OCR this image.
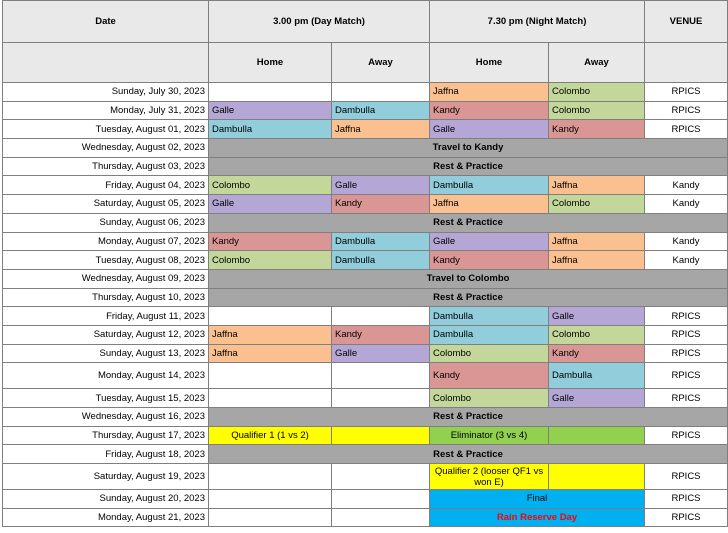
Date	3.00 pm (Day Match)		7.30 pm (Night Match)		VENUE
	Home	Away	Home	Away	
Sunday, July 30, 2023			Jaffna	Colombo	RPICS
Monday, July 31, 2023	Galle	Dambulla	Kandy	Colombo	RPICS
Tuesday, August 01, 2023	Dambulla	Jaffna	Galle	Kandy	RPICS
Wednesday, August 02, 2023	Travel to Kandy				
Thursday, August 03, 2023	Rest & Practice				
Friday, August 04, 2023	Colombo	Galle	Dambulla	Jaffna	Kandy
Saturday, August 05, 2023	Galle	Kandy	Jaffna	Colombo	Kandy
Sunday, August 06, 2023	Rest & Practice				
Monday, August 07, 2023	Kandy	Dambulla	Galle	Jaffna	Kandy
Tuesday, August 08, 2023	Colombo	Dambulla	Kandy	Jaffna	Kandy
Wednesday, August 09, 2023	Travel to Colombo				
Thursday, August 10, 2023	Rest & Practice				
Friday, August 11, 2023			Dambulla	Galle	RPICS
Saturday, August 12, 2023	Jaffna	Kandy	Dambulla	Colombo	RPICS
Sunday, August 13, 2023	Jaffna	Galle	Colombo	Kandy	RPICS
Monday, August 14, 2023			Kandy	Dambulla	RPICS
Tuesday, August 15, 2023			Colombo	Galle	RPICS
Wednesday, August 16, 2023	Rest & Practice				
Thursday, August 17, 2023	Qualifier 1 (1 vs 2)		Eliminator (3 vs 4)		RPICS
Friday, August 18, 2023	Rest & Practice				
Saturday, August 19, 2023			Qualifier 2 (looser QF1 vs won E)		RPICS
Sunday, August 20, 2023			Final		RPICS
Monday, August 21, 2023			Rain Reserve Day		RPICS
